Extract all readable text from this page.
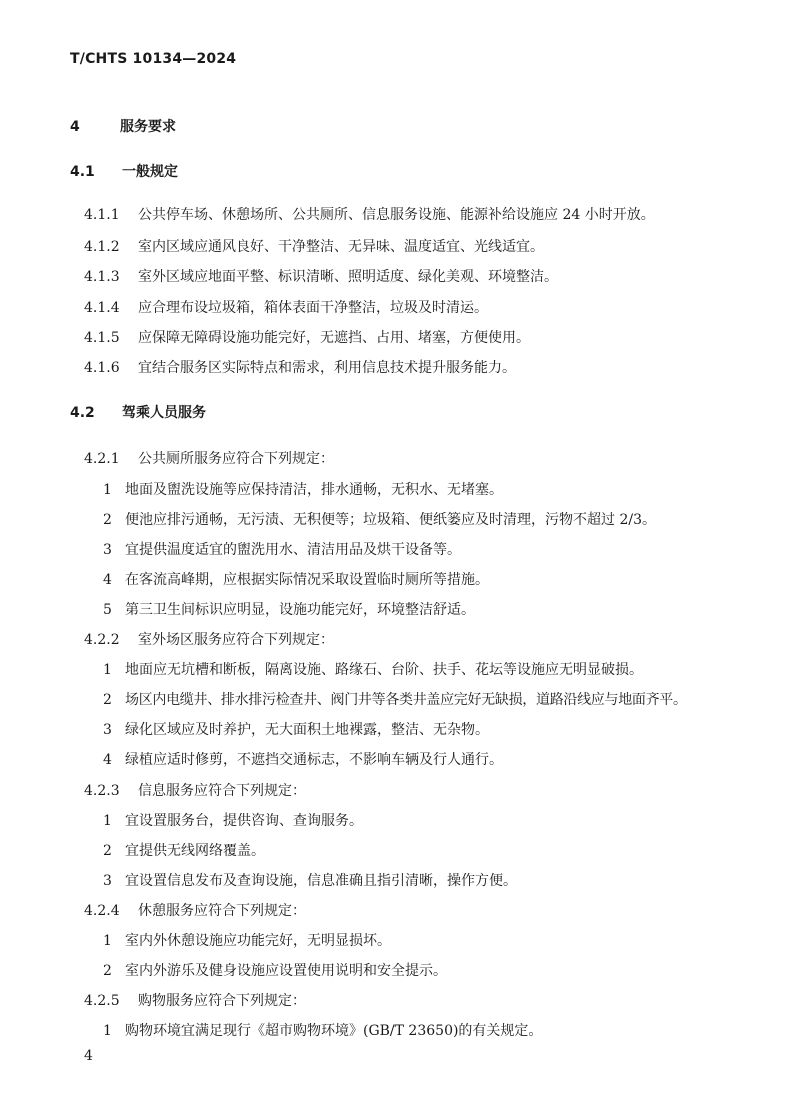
T/CHTS 10134—2024
4	服务要求
4.1 一般规定
4.1.1 公共停车场、休憩场所、公共厕所、信息服务设施、能源补给设施应 24 小时开放。
4.1.2 室内区域应通风良好、干净整洁、无异味、温度适宜、光线适宜。
4.1.3 室外区域应地面平整、标识清晰、照明适度、绿化美观、环境整洁。
4.1.4 应合理布设垃圾箱，箱体表面干净整洁，垃圾及时清运。
4.1.5 应保障无障碍设施功能完好，无遮挡、占用、堵塞，方便使用。
4.1.6 宜结合服务区实际特点和需求，利用信息技术提升服务能力。
4.2 驾乘人员服务
4.2.1 公共厕所服务应符合下列规定：
1 地面及盥洗设施等应保持清洁，排水通畅，无积水、无堵塞。
2 便池应排污通畅，无污渍、无积便等；垃圾箱、便纸篓应及时清理，污物不超过 2/3。
3 宜提供温度适宜的盥洗用水、清洁用品及烘干设备等。
4 在客流高峰期，应根据实际情况采取设置临时厕所等措施。
5 第三卫生间标识应明显，设施功能完好，环境整洁舒适。
4.2.2 室外场区服务应符合下列规定：
1 地面应无坑槽和断板，隔离设施、路缘石、台阶、扶手、花坛等设施应无明显破损。
2 场区内电缆井、排水排污检查井、阀门井等各类井盖应完好无缺损，道路沿线应与地面齐平。
3 绿化区域应及时养护，无大面积土地裸露，整洁、无杂物。
4 绿植应适时修剪，不遮挡交通标志，不影响车辆及行人通行。
4.2.3 信息服务应符合下列规定：
1 宜设置服务台，提供咨询、查询服务。
2 宜提供无线网络覆盖。
3 宜设置信息发布及查询设施，信息准确且指引清晰，操作方便。
4.2.4 休憩服务应符合下列规定：
1 室内外休憩设施应功能完好，无明显损坏。
2 室内外游乐及健身设施应设置使用说明和安全提示。
4.2.5 购物服务应符合下列规定：
1 购物环境宜满足现行《超市购物环境》(GB/T 23650)的有关规定。
4
